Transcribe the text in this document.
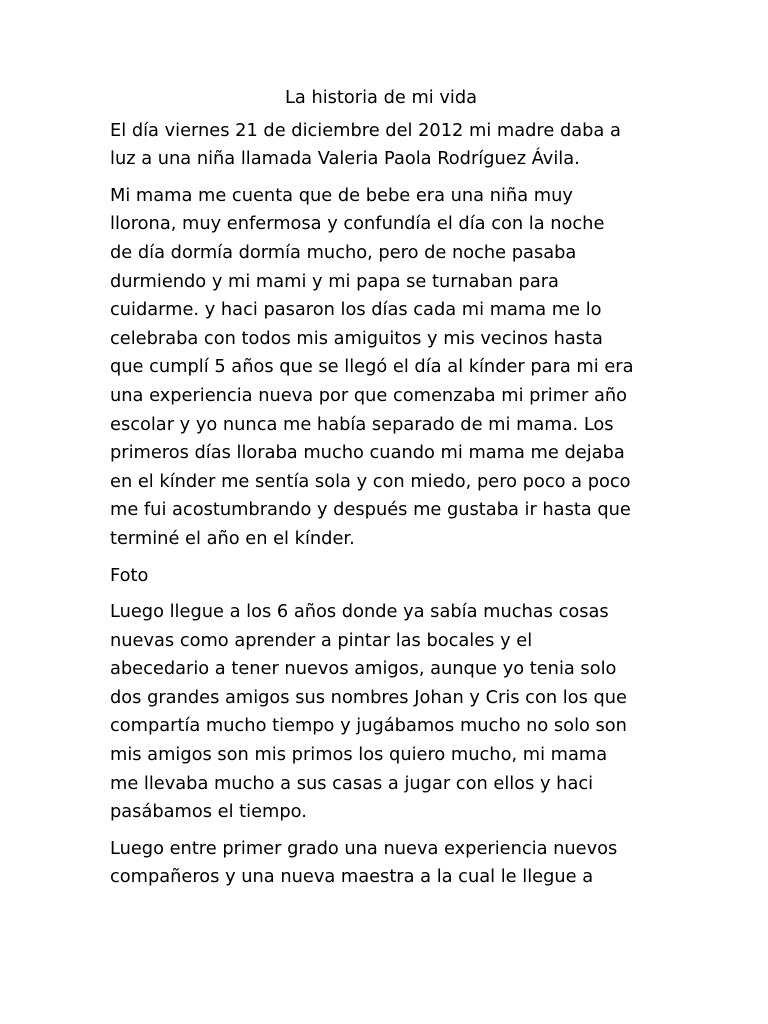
La historia de mi vida

El día viernes 21 de diciembre del 2012 mi madre daba a
luz a una niña llamada Valeria Paola Rodríguez Ávila.

Mi mama me cuenta que de bebe era una niña muy
llorona, muy enfermosa y confundía el día con la noche
de día dormía dormía mucho, pero de noche pasaba
durmiendo y mi mami y mi papa se turnaban para
cuidarme. y haci pasaron los días cada mi mama me lo
celebraba con todos mis amiguitos y mis vecinos hasta
que cumplí 5 años que se llegó el día al kínder para mi era
una experiencia nueva por que comenzaba mi primer año
escolar y yo nunca me había separado de mi mama. Los
primeros días lloraba mucho cuando mi mama me dejaba
en el kínder me sentía sola y con miedo, pero poco a poco
me fui acostumbrando y después me gustaba ir hasta que
terminé el año en el kínder.

Foto

Luego llegue a los 6 años donde ya sabía muchas cosas
nuevas como aprender a pintar las bocales y el
abecedario a tener nuevos amigos, aunque yo tenia solo
dos grandes amigos sus nombres Johan y Cris con los que
compartía mucho tiempo y jugábamos mucho no solo son
mis amigos son mis primos los quiero mucho, mi mama
me llevaba mucho a sus casas a jugar con ellos y haci
pasábamos el tiempo.

Luego entre primer grado una nueva experiencia nuevos
compañeros y una nueva maestra a la cual le llegue a
